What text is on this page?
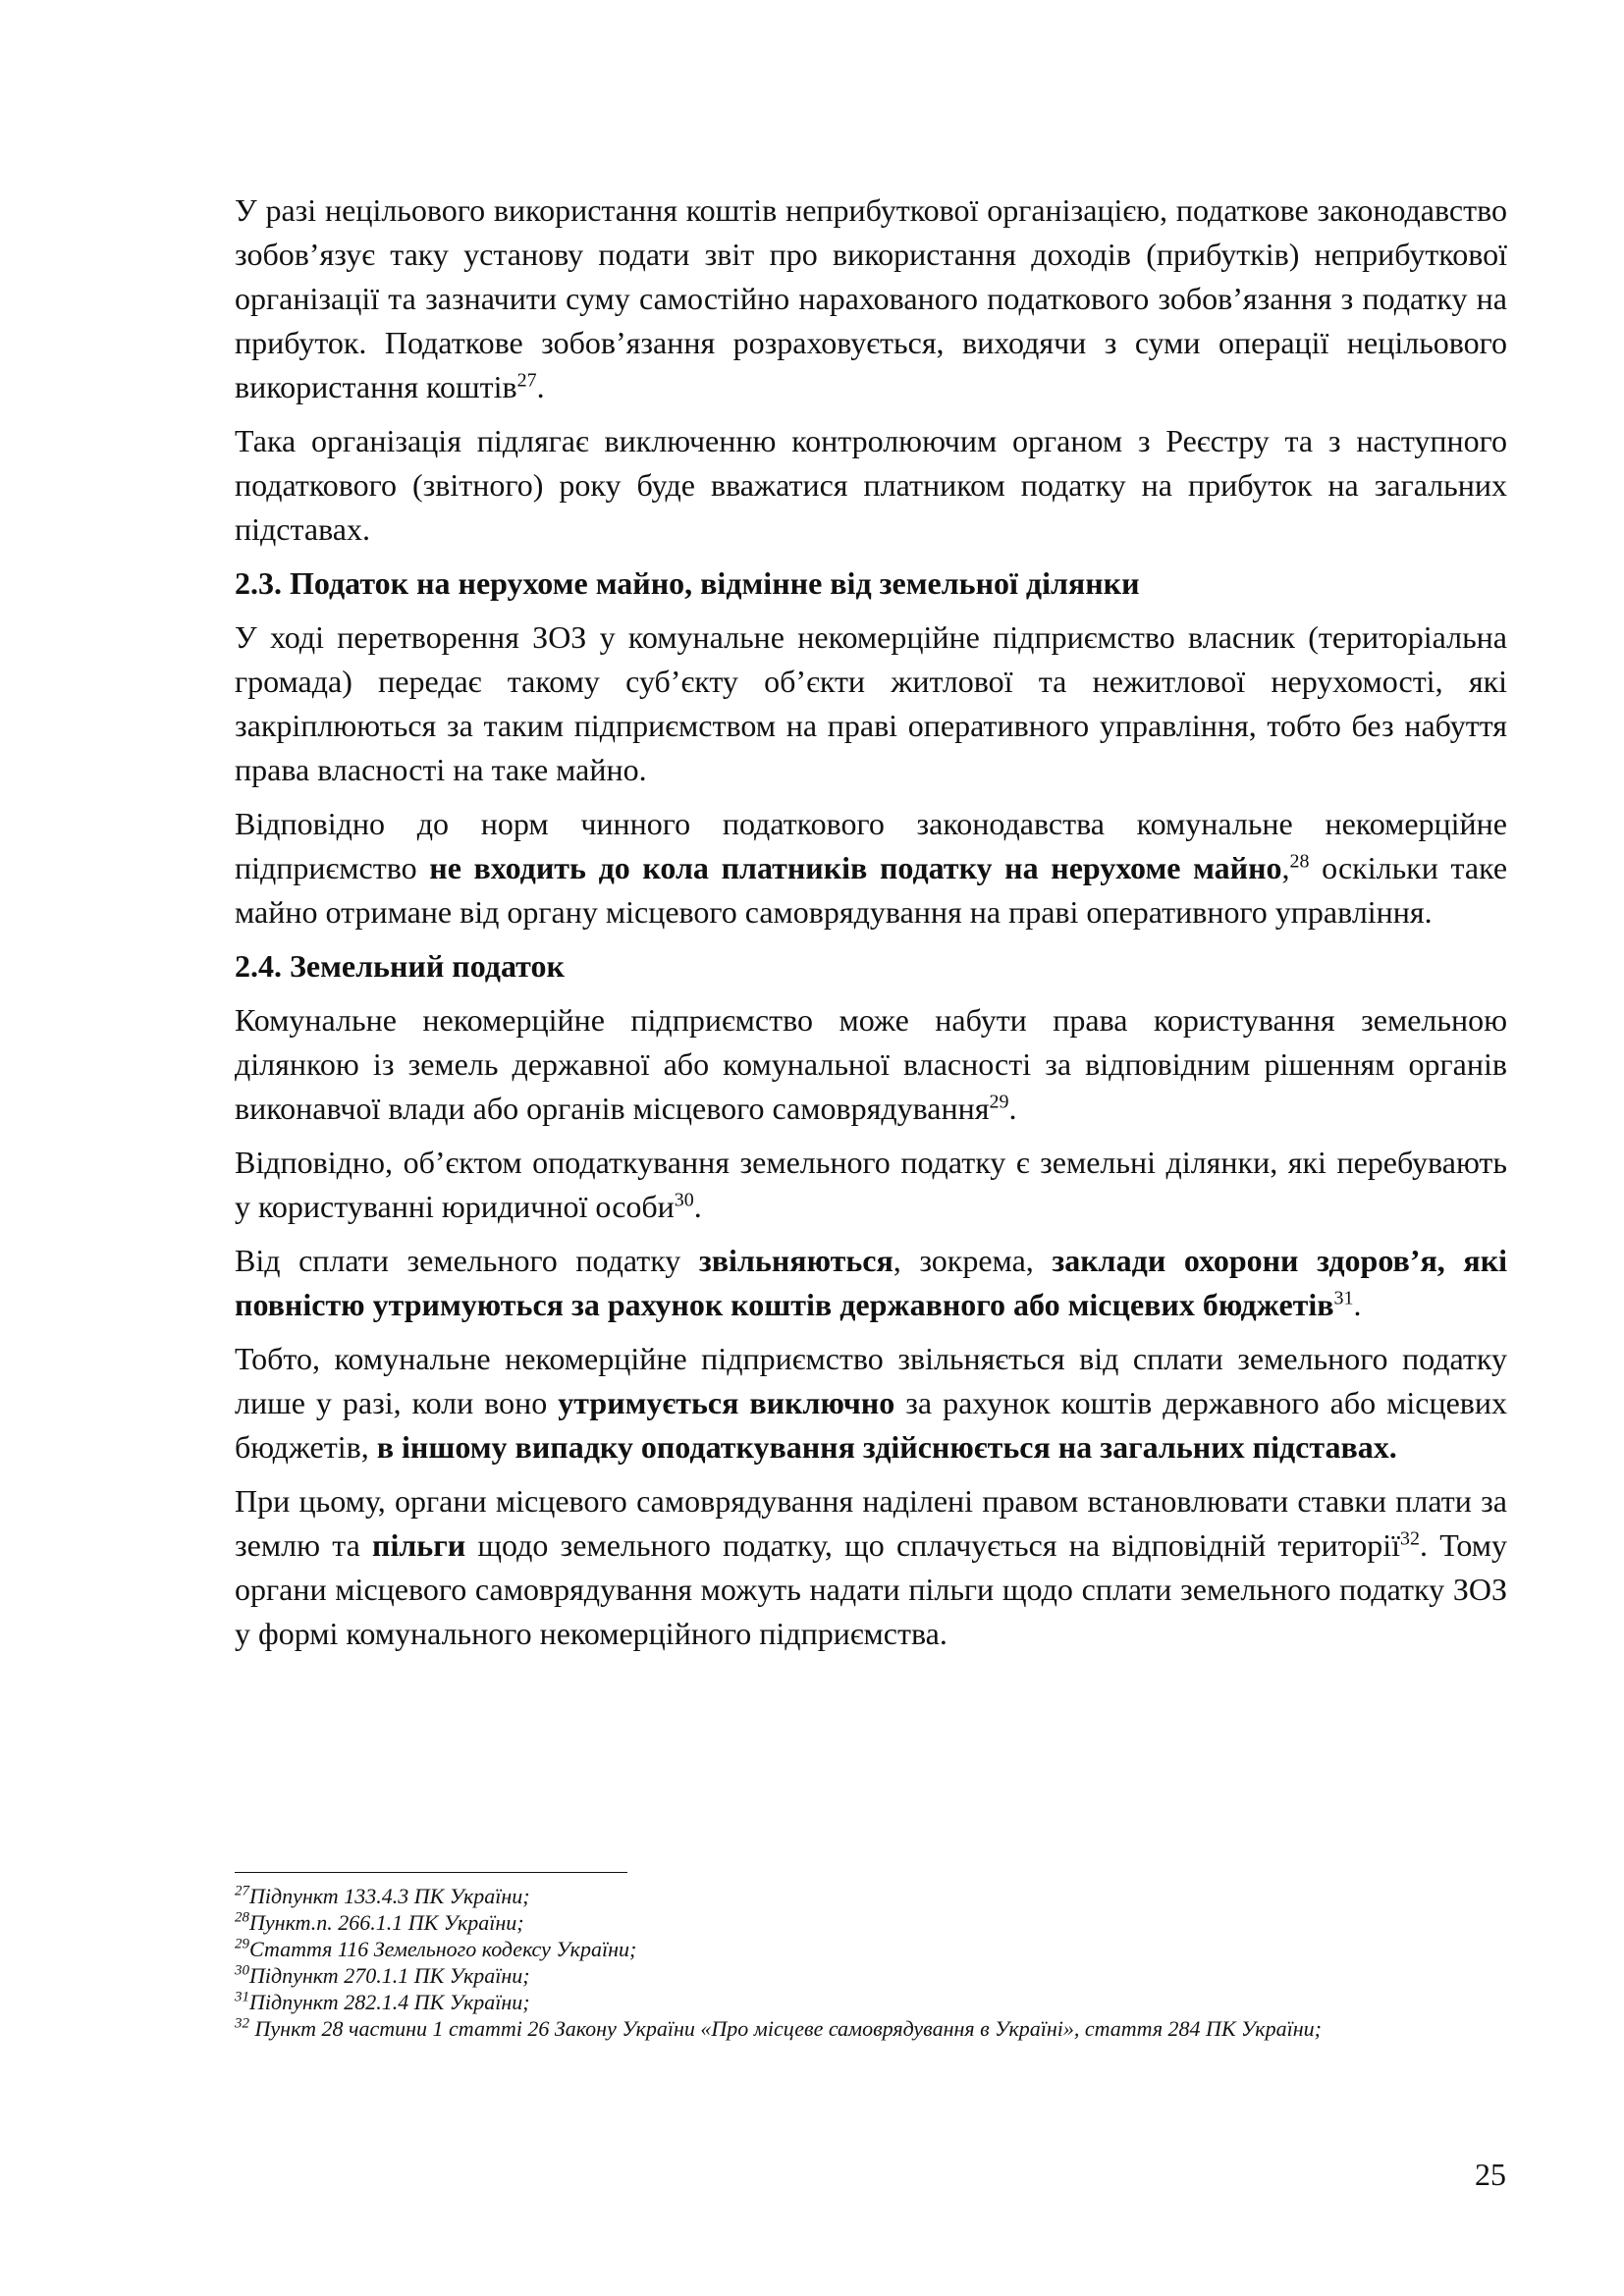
У разі нецільового використання коштів неприбуткової організацією, податкове законодавство зобов’язує таку установу подати звіт про використання доходів (прибутків) неприбуткової організації та зазначити суму самостійно нарахованого податкового зобов’язання з податку на прибуток. Податкове зобов’язання розраховується, виходячи з суми операції нецільового використання коштів$^{27}$.

Така організація підлягає виключенню контролюючим органом з Реєстру та з наступного податкового (звітного) року буде вважатися платником податку на прибуток на загальних підставах.

2.3. Податок на нерухоме майно, відмінне від земельної ділянки

У ході перетворення ЗОЗ у комунальне некомерційне підприємство власник (територіальна громада) передає такому суб’єкту об’єкти житлової та нежитлової нерухомості, які закріплюються за таким підприємством на праві оперативного управління, тобто без набуття права власності на таке майно.

Відповідно до норм чинного податкового законодавства комунальне некомерційне підприємство не входить до кола платників податку на нерухоме майно,$^{28}$ оскільки таке майно отримане від органу місцевого самоврядування на праві оперативного управління.

2.4. Земельний податок

Комунальне некомерційне підприємство може набути права користування земельною ділянкою із земель державної або комунальної власності за відповідним рішенням органів виконавчої влади або органів місцевого самоврядування$^{29}$.

Відповідно, об’єктом оподаткування земельного податку є земельні ділянки, які перебувають у користуванні юридичної особи$^{30}$.

Від сплати земельного податку звільняються, зокрема, заклади охорони здоров’я, які повністю утримуються за рахунок коштів державного або місцевих бюджетів$^{31}$.

Тобто, комунальне некомерційне підприємство звільняється від сплати земельного податку лише у разі, коли воно утримується виключно за рахунок коштів державного або місцевих бюджетів, в іншому випадку оподаткування здійснюється на загальних підставах.

При цьому, органи місцевого самоврядування наділені правом встановлювати ставки плати за землю та пільги щодо земельного податку, що сплачується на відповідній території$^{32}$. Тому органи місцевого самоврядування можуть надати пільги щодо сплати земельного податку ЗОЗ у формі комунального некомерційного підприємства.

$^{27}$Підпункт 133.4.3 ПК України;

$^{28}$Пункт.п. 266.1.1 ПК України;

$^{29}$Стаття 116 Земельного кодексу України;

$^{30}$Підпункт 270.1.1 ПК України;

$^{31}$Підпункт 282.1.4 ПК України;

$^{32}$ Пункт 28 частини 1 статті 26 Закону України «Про місцеве самоврядування в Україні», стаття 284 ПК України;

25
